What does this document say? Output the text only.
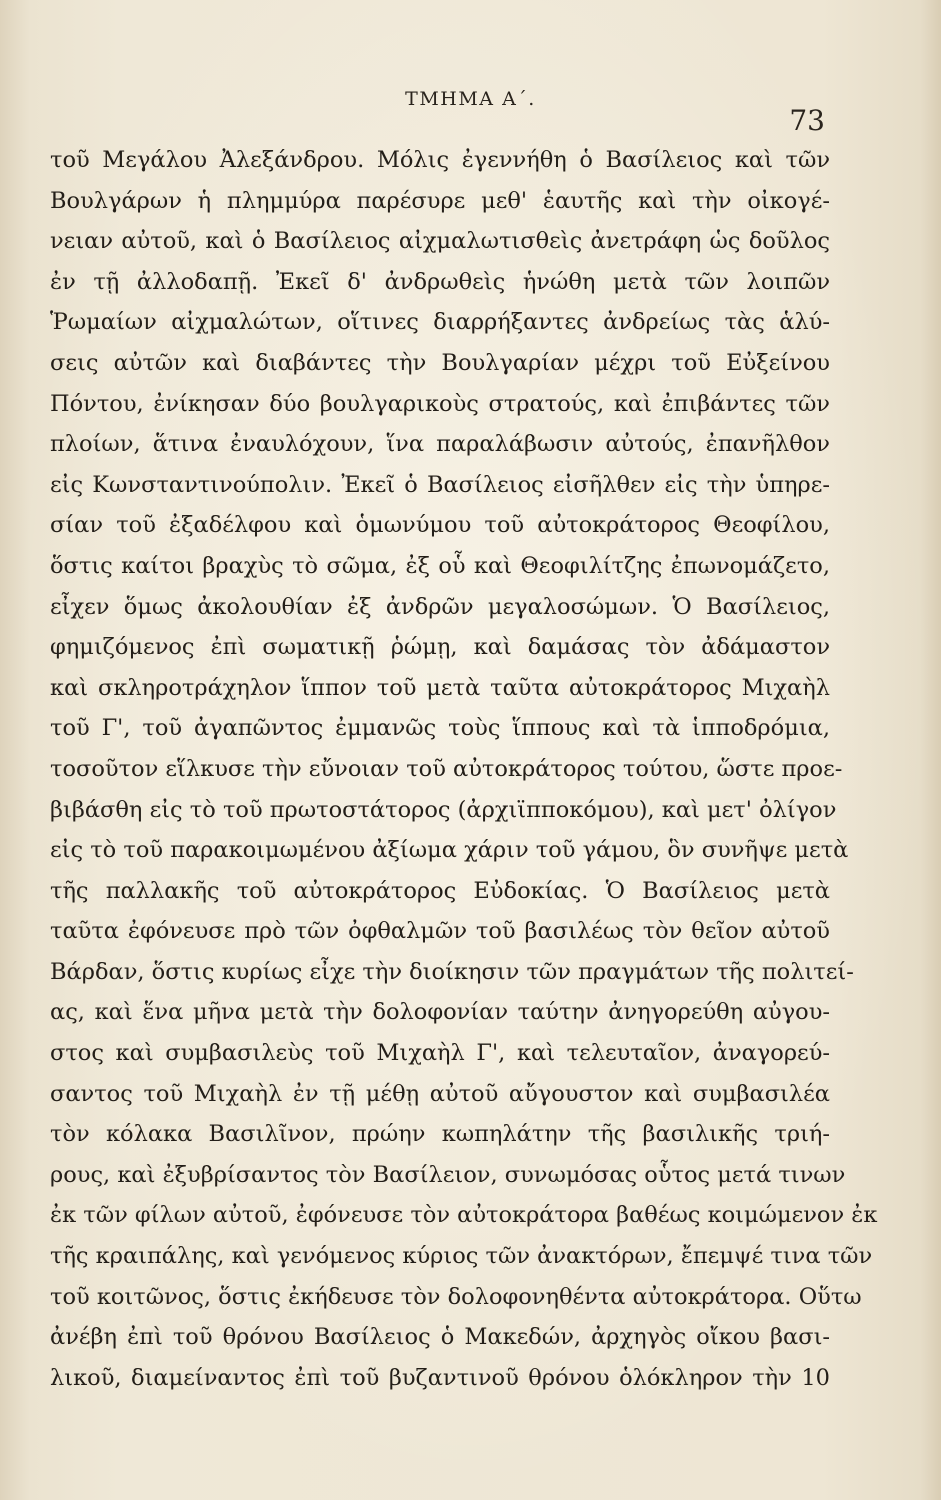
ΤΜΗΜΑ Α΄.
73
τοῦ Μεγάλου Ἀλεξάνδρου. Μόλις ἐγεννήθη ὁ Βασίλειος καὶ τῶν
Βουλγάρων ἡ πλημμύρα παρέσυρε μεθ' ἑαυτῆς καὶ τὴν οἰκογέ-
νειαν αὐτοῦ, καὶ ὁ Βασίλειος αἰχμαλωτισθεὶς ἀνετράφη ὡς δοῦλος
ἐν τῇ ἀλλοδαπῇ. Ἐκεῖ δ' ἀνδρωθεὶς ἡνώθη μετὰ τῶν λοιπῶν
Ῥωμαίων αἰχμαλώτων, οἵτινες διαρρήξαντες ἀνδρείως τὰς ἁλύ-
σεις αὐτῶν καὶ διαβάντες τὴν Βουλγαρίαν μέχρι τοῦ Εὐξείνου
Πόντου, ἐνίκησαν δύο βουλγαρικοὺς στρατούς, καὶ ἐπιβάντες τῶν
πλοίων, ἅτινα ἐναυλόχουν, ἵνα παραλάβωσιν αὐτούς, ἐπανῆλθον
εἰς Κωνσταντινούπολιν. Ἐκεῖ ὁ Βασίλειος εἰσῆλθεν εἰς τὴν ὑπηρε-
σίαν τοῦ ἐξαδέλφου καὶ ὁμωνύμου τοῦ αὐτοκράτορος Θεοφίλου,
ὅστις καίτοι βραχὺς τὸ σῶμα, ἐξ οὗ καὶ Θεοφιλίτζης ἐπωνομάζετο,
εἶχεν ὅμως ἀκολουθίαν ἐξ ἀνδρῶν μεγαλοσώμων. Ὁ Βασίλειος,
φημιζόμενος ἐπὶ σωματικῇ ῥώμῃ, καὶ δαμάσας τὸν ἀδάμαστον
καὶ σκληροτράχηλον ἵππον τοῦ μετὰ ταῦτα αὐτοκράτορος Μιχαὴλ
τοῦ Γ', τοῦ ἀγαπῶντος ἐμμανῶς τοὺς ἵππους καὶ τὰ ἱπποδρόμια,
τοσοῦτον εἵλκυσε τὴν εὔνοιαν τοῦ αὐτοκράτορος τούτου, ὥστε προε-
βιβάσθη εἰς τὸ τοῦ πρωτοστάτορος (ἀρχιϊπποκόμου), καὶ μετ' ὀλίγον
εἰς τὸ τοῦ παρακοιμωμένου ἀξίωμα χάριν τοῦ γάμου, ὃν συνῆψε μετὰ
τῆς παλλακῆς τοῦ αὐτοκράτορος Εὐδοκίας. Ὁ Βασίλειος μετὰ
ταῦτα ἐφόνευσε πρὸ τῶν ὀφθαλμῶν τοῦ βασιλέως τὸν θεῖον αὐτοῦ
Βάρδαν, ὅστις κυρίως εἶχε τὴν διοίκησιν τῶν πραγμάτων τῆς πολιτεί-
ας, καὶ ἕνα μῆνα μετὰ τὴν δολοφονίαν ταύτην ἀνηγορεύθη αὐγου-
στος καὶ συμβασιλεὺς τοῦ Μιχαὴλ Γ', καὶ τελευταῖον, ἀναγορεύ-
σαντος τοῦ Μιχαὴλ ἐν τῇ μέθῃ αὐτοῦ αὔγουστον καὶ συμβασιλέα
τὸν κόλακα Βασιλῖνον, πρώην κωπηλάτην τῆς βασιλικῆς τριή-
ρους, καὶ ἐξυβρίσαντος τὸν Βασίλειον, συνωμόσας οὗτος μετά τινων
ἐκ τῶν φίλων αὐτοῦ, ἐφόνευσε τὸν αὐτοκράτορα βαθέως κοιμώμενον ἐκ
τῆς κραιπάλης, καὶ γενόμενος κύριος τῶν ἀνακτόρων, ἔπεμψέ τινα τῶν
τοῦ κοιτῶνος, ὅστις ἐκήδευσε τὸν δολοφονηθέντα αὐτοκράτορα. Οὕτω
ἀνέβη ἐπὶ τοῦ θρόνου Βασίλειος ὁ Μακεδών, ἀρχηγὸς οἴκου βασι-
λικοῦ, διαμείναντος ἐπὶ τοῦ βυζαντινοῦ θρόνου ὁλόκληρον τὴν 10
